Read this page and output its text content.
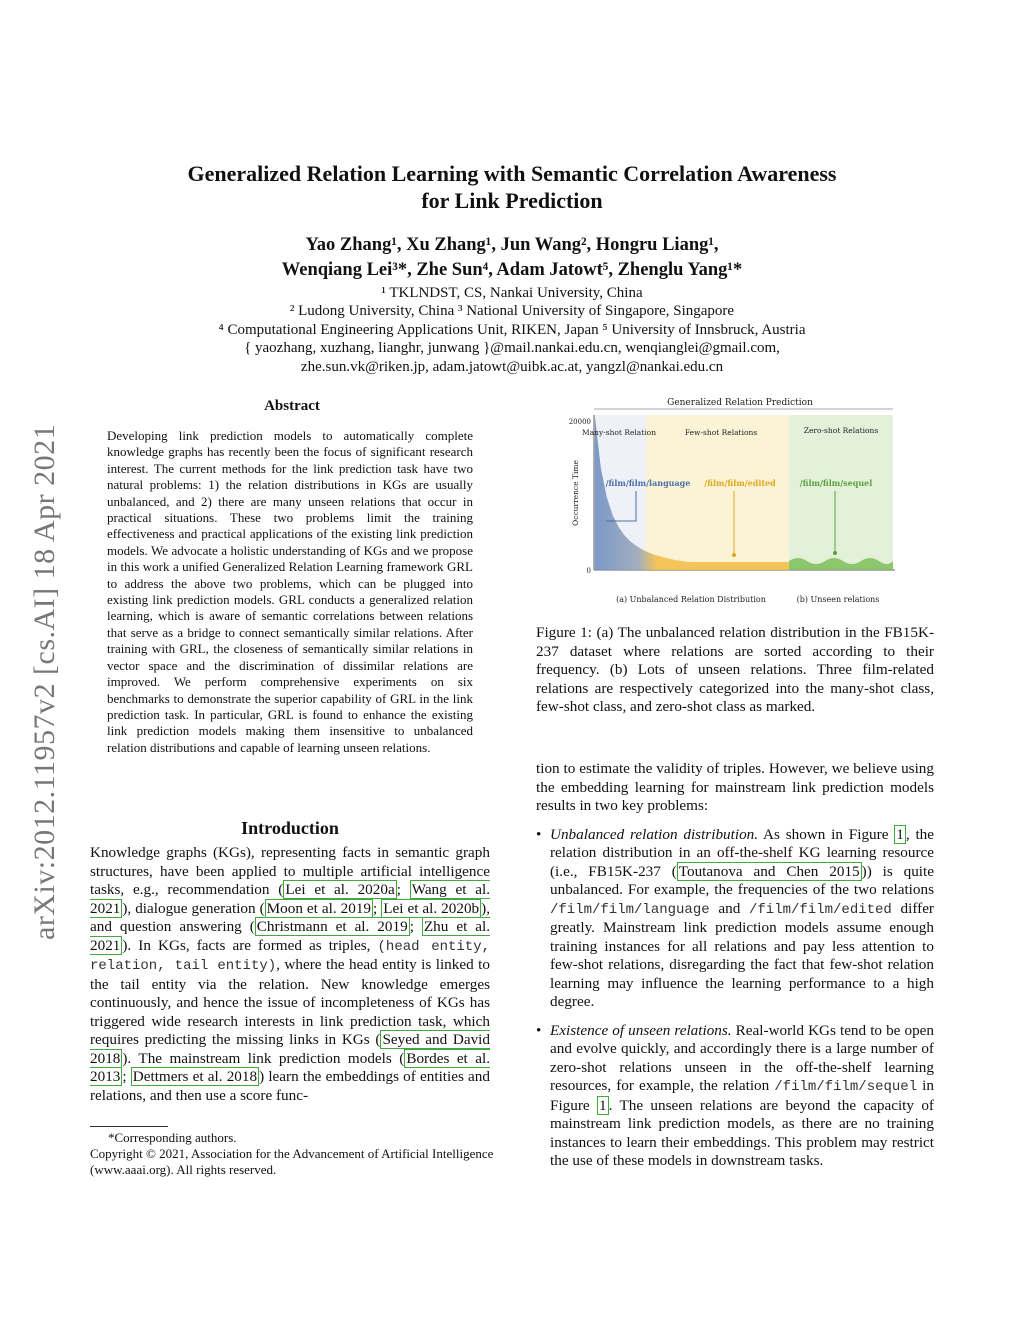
arXiv:2012.11957v2 [cs.AI] 18 Apr 2021
Generalized Relation Learning with Semantic Correlation Awareness
for Link Prediction
Yao Zhang¹, Xu Zhang¹, Jun Wang², Hongru Liang¹,
Wenqiang Lei³*, Zhe Sun⁴, Adam Jatowt⁵, Zhenglu Yang¹*
¹ TKLNDST, CS, Nankai University, China
² Ludong University, China ³ National University of Singapore, Singapore
⁴ Computational Engineering Applications Unit, RIKEN, Japan ⁵ University of Innsbruck, Austria
{ yaozhang, xuzhang, lianghr, junwang }@mail.nankai.edu.cn, wenqianglei@gmail.com,
zhe.sun.vk@riken.jp, adam.jatowt@uibk.ac.at, yangzl@nankai.edu.cn
Abstract
Developing link prediction models to automatically complete knowledge graphs has recently been the focus of significant research interest. The current methods for the link prediction task have two natural problems: 1) the relation distributions in KGs are usually unbalanced, and 2) there are many unseen relations that occur in practical situations. These two problems limit the training effectiveness and practical applications of the existing link prediction models. We advocate a holistic understanding of KGs and we propose in this work a unified Generalized Relation Learning framework GRL to address the above two problems, which can be plugged into existing link prediction models. GRL conducts a generalized relation learning, which is aware of semantic correlations between relations that serve as a bridge to connect semantically similar relations. After training with GRL, the closeness of semantically similar relations in vector space and the discrimination of dissimilar relations are improved. We perform comprehensive experiments on six benchmarks to demonstrate the superior capability of GRL in the link prediction task. In particular, GRL is found to enhance the existing link prediction models making them insensitive to unbalanced relation distributions and capable of learning unseen relations.
Introduction
Knowledge graphs (KGs), representing facts in semantic graph structures, have been applied to multiple artificial intelligence tasks, e.g., recommendation ( Lei et al. 2020a ; Wang et al. 2021 ), dialogue generation ( Moon et al. 2019 ; Lei et al. 2020b ), and question answering ( Christmann et al. 2019 ; Zhu et al. 2021 ). In KGs, facts are formed as triples, (head entity, relation, tail entity), where the head entity is linked to the tail entity via the relation. New knowledge emerges continuously, and hence the issue of incompleteness of KGs has triggered wide research interests in link prediction task, which requires predicting the missing links in KGs ( Seyed and David 2018 ). The mainstream link prediction models ( Bordes et al. 2013 ; Dettmers et al. 2018 ) learn the embeddings of entities and relations, and then use a score func-
*Corresponding authors.
Copyright © 2021, Association for the Advancement of Artificial Intelligence (www.aaai.org). All rights reserved.
Generalized Relation Prediction
20000
0
Occurrence Time
Many-shot Relation	Few-shot Relations	Zero-shot Relations
/film/film/language /film/film/edited	/film/film/sequel
(a) Unbalanced Relation Distribution	(b) Unseen relations
Figure 1: (a) The unbalanced relation distribution in the FB15K-237 dataset where relations are sorted according to their frequency. (b) Lots of unseen relations. Three film-related relations are respectively categorized into the many-shot class, few-shot class, and zero-shot class as marked.
tion to estimate the validity of triples. However, we believe using the embedding learning for mainstream link prediction models results in two key problems:
• Unbalanced relation distribution. As shown in Figure 1 , the relation distribution in an off-the-shelf KG learning resource (i.e., FB15K-237 ( Toutanova and Chen 2015 )) is quite unbalanced. For example, the frequencies of the two relations /film/film/language and /film/film/edited differ greatly. Mainstream link prediction models assume enough training instances for all relations and pay less attention to few-shot relations, disregarding the fact that few-shot relation learning may influence the learning performance to a high degree.
• Existence of unseen relations. Real-world KGs tend to be open and evolve quickly, and accordingly there is a large number of zero-shot relations unseen in the off-the-shelf learning resources, for example, the relation /film/film/sequel in Figure 1 . The unseen relations are beyond the capacity of mainstream link prediction models, as there are no training instances to learn their embeddings. This problem may restrict the use of these models in downstream tasks.
